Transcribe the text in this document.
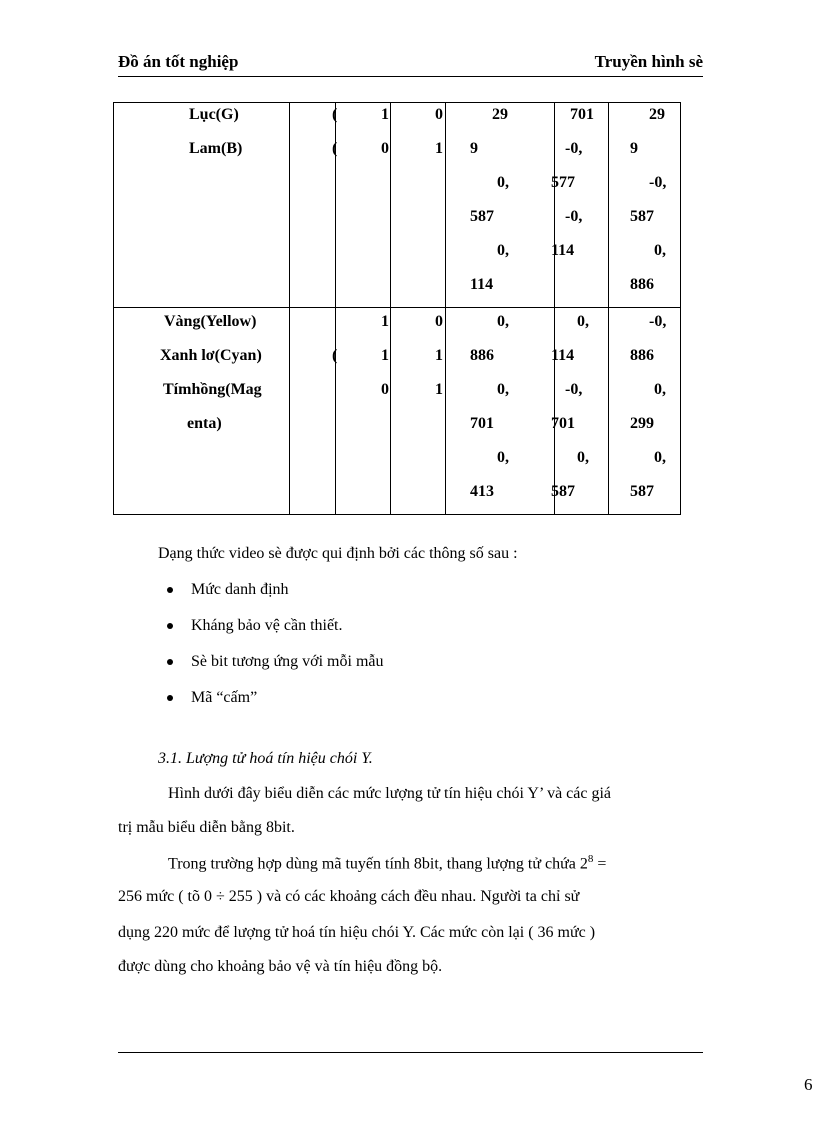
Đồ án tốt nghiệp	Truyền hình sè
Lục(G)
Lam(B)
(
(
1
0
0
1
29
9
0,
587
0,
114
701
-0,
577
-0,
114
29
9
-0,
587
0,
886
Vàng(Yellow)
Xanh lơ(Cyan)
Tímhồng(Mag
enta)
(
1
1
0
0
1
1
0,
886
0,
701
0,
413
0,
114
-0,
701
0,
587
-0,
886
0,
299
0,
587
Dạng thức video sè được qui định bởi các thông số sau :
Mức danh định
Kháng bảo vệ cần thiết.
Sè bit tương ứng với mỗi mẫu
Mã “cấm”
3.1. Lượng tử hoá tín hiệu chói Y.
Hình dưới đây biểu diễn các mức lượng tử tín hiệu chói Y’ và các giá
trị mẫu biểu diễn bằng 8bit.
Trong trường hợp dùng mã tuyến tính 8bit, thang lượng tử chứa $2^8$ =
256 mức ( tõ 0 ÷ 255 ) và có các khoảng cách đều nhau. Người ta chỉ sử
dụng 220 mức để lượng tử hoá tín hiệu chói Y. Các mức còn lại ( 36 mức )
được dùng cho khoảng bảo vệ và tín hiệu đồng bộ.
6
